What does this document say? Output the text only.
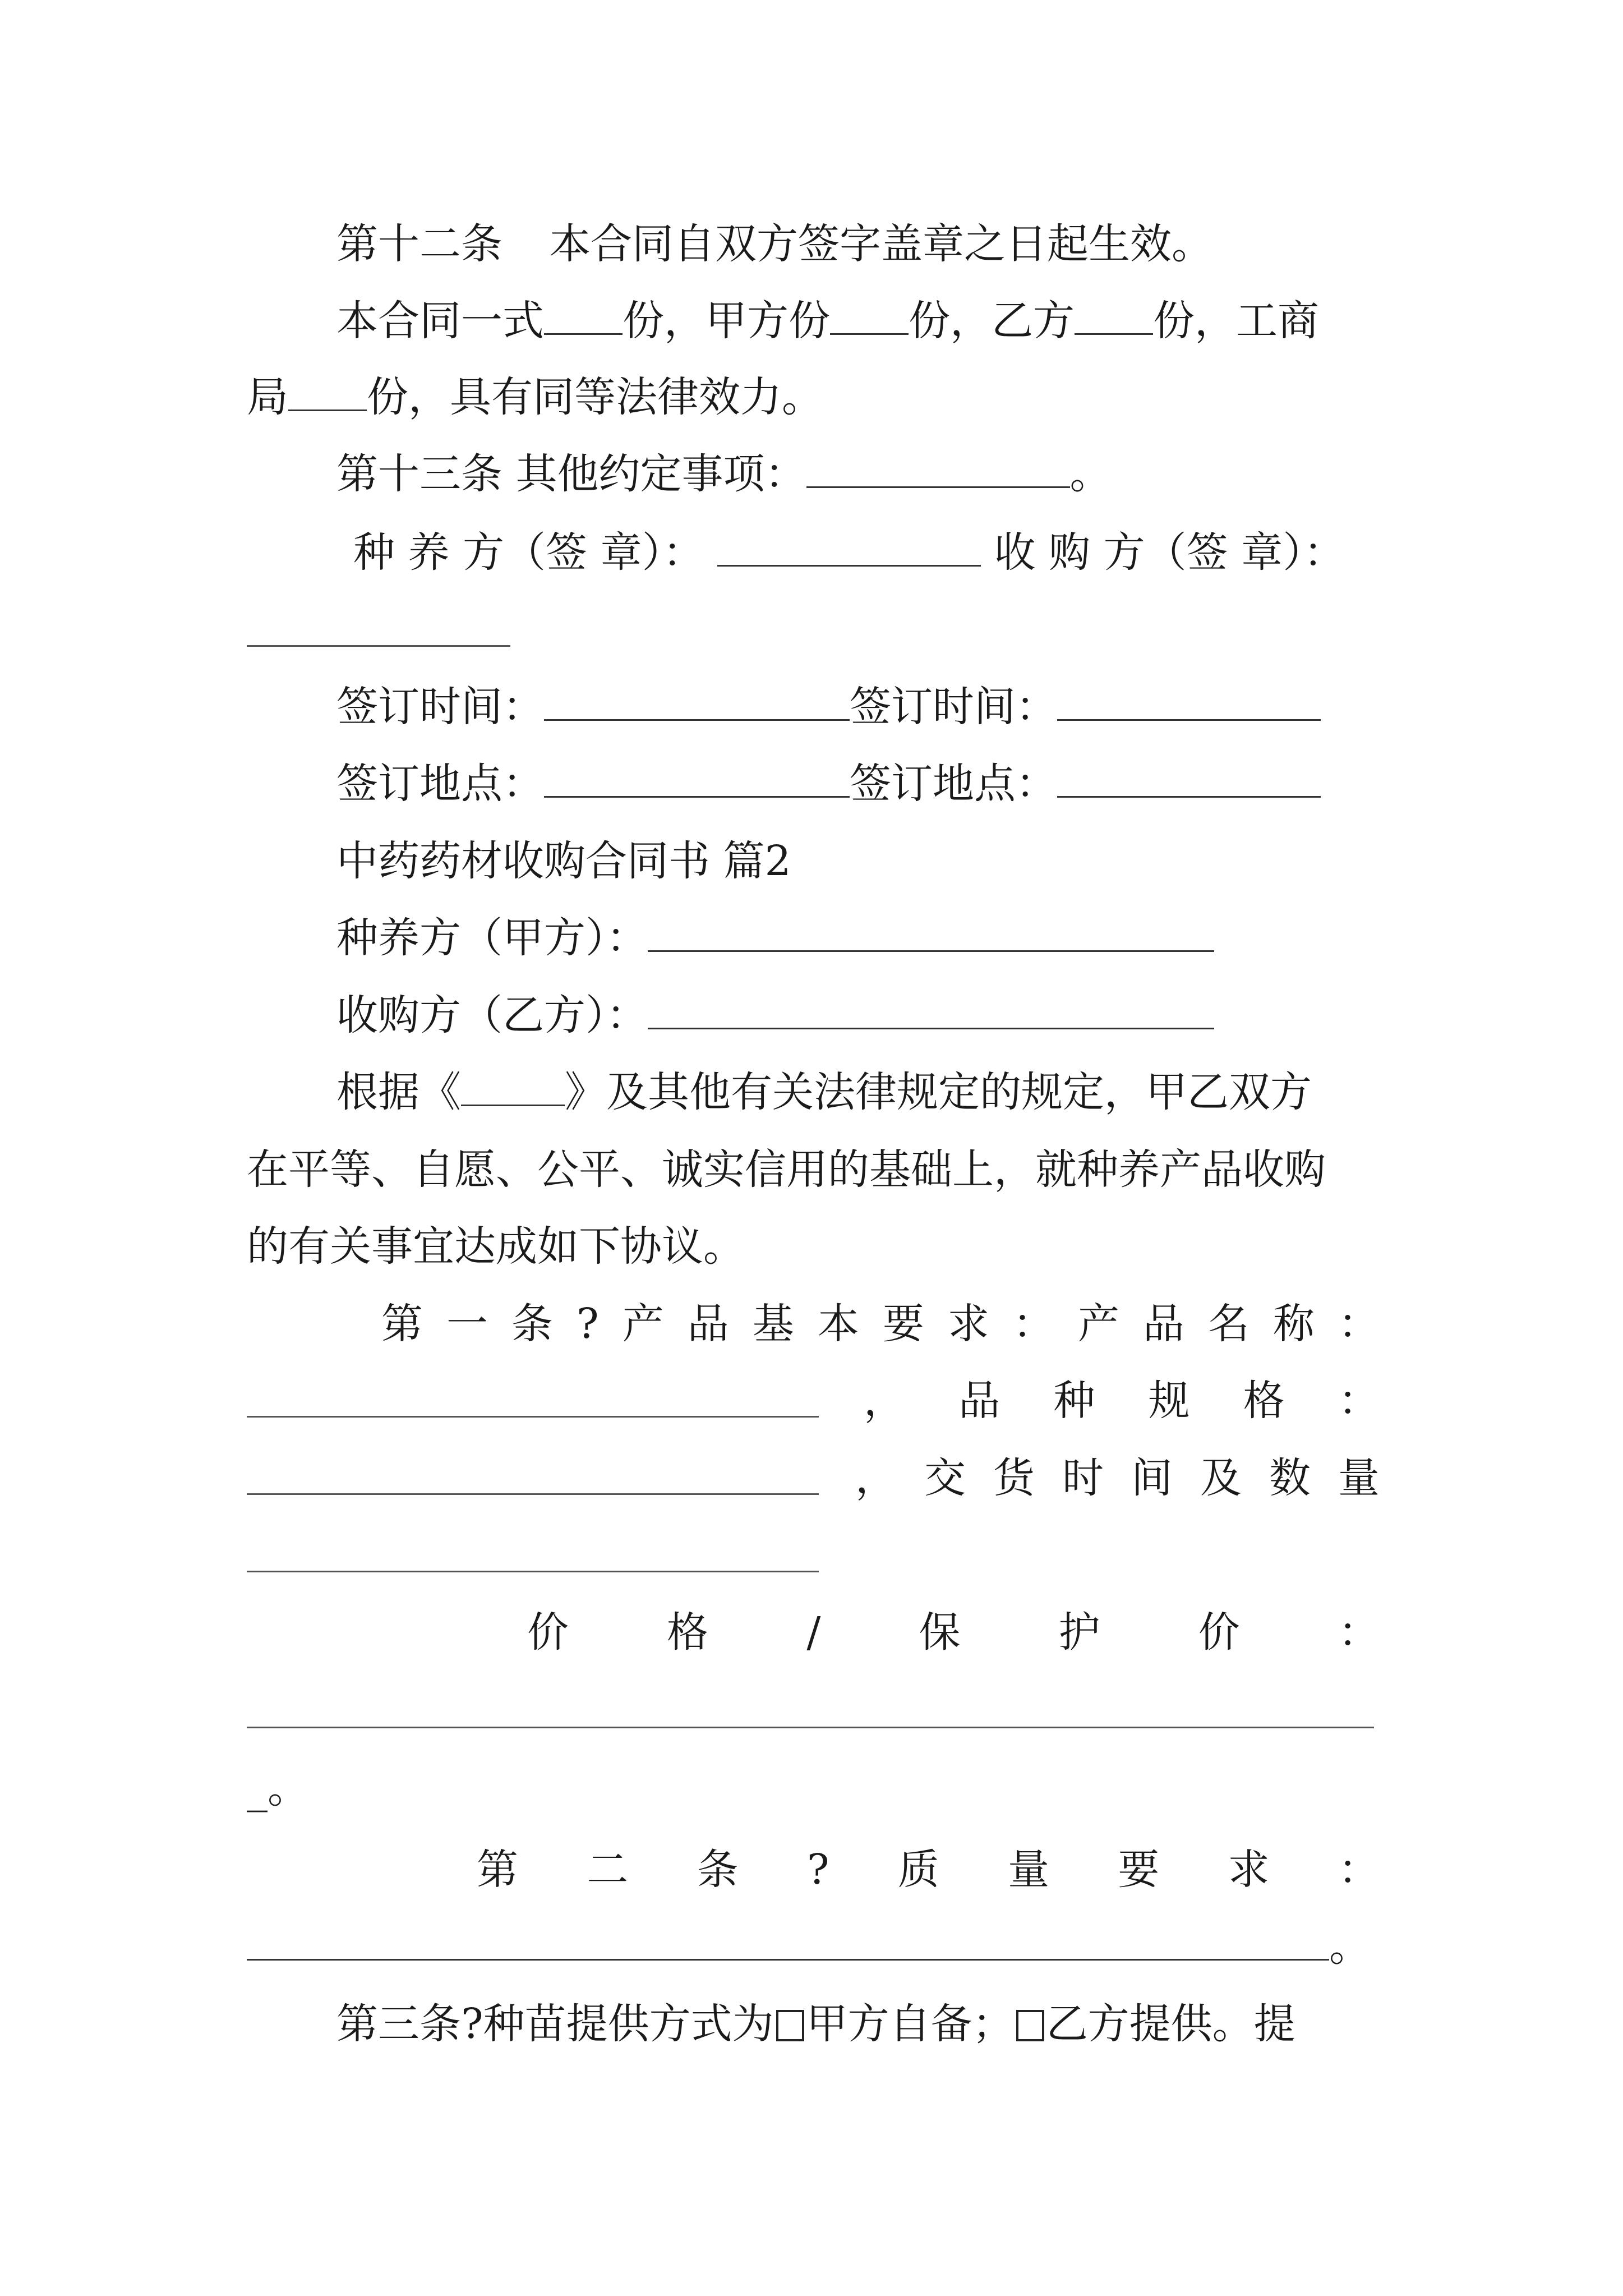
第十二条 本合同自双方签字盖章之日起生效。
本合同一式 份，甲方份 份，乙方 份，工商
局 份，具有同等法律效力。
第十三条 其他约定事项：	。
种 养 方（签 章）：	收 购 方（签 章）：
签订时间：	签订时间：
签订地点：	签订地点：
中药药材收购合同书 篇2
种养方（甲方）：
收购方（乙方）：
根据《	》及其他有关法律规定的规定，甲乙双方
在平等、自愿、公平、诚实信用的基础上，就种养产品收购
的有关事宜达成如下协议。
第 一 条 ? 产 品 基 本 要 求 ： 产 品 名 称 ：
， 品 种 规 格 ：
， 交 货 时 间 及 数 量
价 格 / 保 护 价 ：
_。
第 二 条 ? 质 量 要 求 ：
。
第三条?种苗提供方式为 甲方自备； 乙方提供。提
